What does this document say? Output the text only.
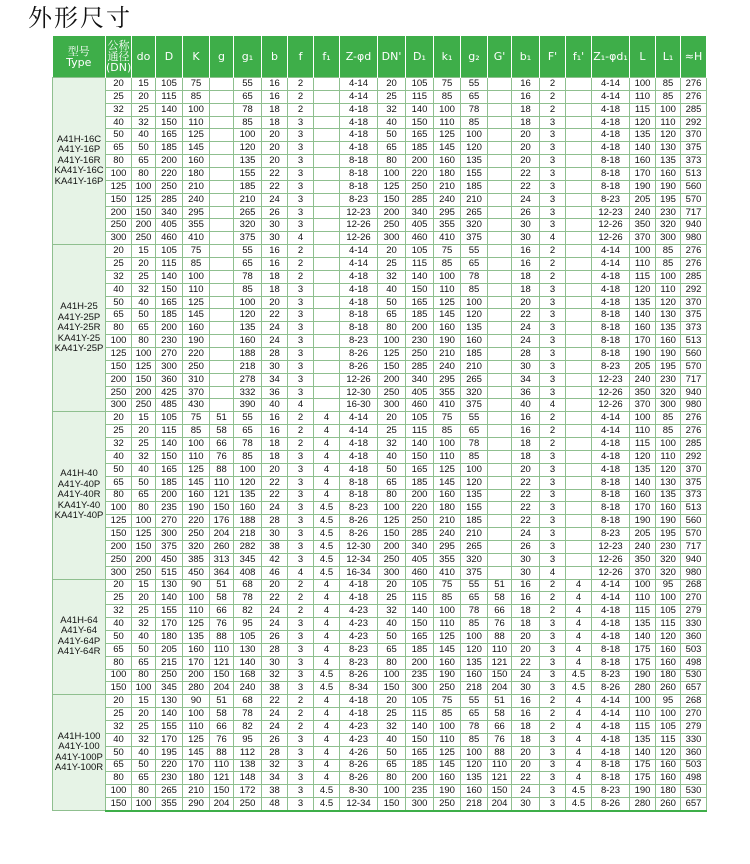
外形尺寸
型号
Type	公称
通径
(DN)	do	D	K	g	g₁	b	f	f₁	Z-φd	DN'	D₁	k₁	g₂	G'	b₁	F'	f₁'	Z₁-φd₁	L	L₁	≈H

A41H-16C
A41Y-16P
A41Y-16R
KA41Y-16C
KA41Y-16P	20	15	105	75		55	16	2		4-14	20	105	75	55		16	2		4-14	100	85	276
	25	20	115	85		65	16	2		4-14	25	115	85	65		16	2		4-14	110	85	276
	32	25	140	100		78	18	2		4-18	32	140	100	78		18	2		4-18	115	100	285
	40	32	150	110		85	18	3		4-18	40	150	110	85		18	3		4-18	120	110	292
	50	40	165	125		100	20	3		4-18	50	165	125	100		20	3		4-18	135	120	370
	65	50	185	145		120	20	3		4-18	65	185	145	120		20	3		4-18	140	130	375
	80	65	200	160		135	20	3		8-18	80	200	160	135		20	3		8-18	160	135	373
	100	80	220	180		155	22	3		8-18	100	220	180	155		22	3		8-18	170	160	513
	125	100	250	210		185	22	3		8-18	125	250	210	185		22	3		8-18	190	190	560
	150	125	285	240		210	24	3		8-23	150	285	240	210		24	3		8-23	205	195	570
	200	150	340	295		265	26	3		12-23	200	340	295	265		26	3		12-23	240	230	717
	250	200	405	355		320	30	3		12-26	250	405	355	320		30	3		12-26	350	320	940
	300	250	460	410		375	30	4		12-26	300	460	410	375		30	4		12-26	370	300	980

A41H-25
A41Y-25P
A41Y-25R
KA41Y-25
KA41Y-25P	20	15	105	75		55	16	2		4-14	20	105	75	55		16	2		4-14	100	85	276
	25	20	115	85		65	16	2		4-14	25	115	85	65		16	2		4-14	110	85	276
	32	25	140	100		78	18	2		4-18	32	140	100	78		18	2		4-18	115	100	285
	40	32	150	110		85	18	3		4-18	40	150	110	85		18	3		4-18	120	110	292
	50	40	165	125		100	20	3		4-18	50	165	125	100		20	3		4-18	135	120	370
	65	50	185	145		120	22	3		8-18	65	185	145	120		22	3		8-18	140	130	375
	80	65	200	160		135	24	3		8-18	80	200	160	135		24	3		8-18	160	135	373
	100	80	230	190		160	24	3		8-23	100	230	190	160		24	3		8-18	170	160	513
	125	100	270	220		188	28	3		8-26	125	250	210	185		28	3		8-18	190	190	560
	150	125	300	250		218	30	3		8-26	150	285	240	210		30	3		8-23	205	195	570
	200	150	360	310		278	34	3		12-26	200	340	295	265		34	3		12-23	240	230	717
	250	200	425	370		332	36	3		12-30	250	405	355	320		36	3		12-26	350	320	940
	300	250	485	430		390	40	4		16-30	300	460	410	375		40	4		12-26	370	300	980

A41H-40
A41Y-40P
A41Y-40R
KA41Y-40
KA41Y-40P	20	15	105	75	51	55	16	2	4	4-14	20	105	75	55		16	2		4-14	100	85	276
	25	20	115	85	58	65	16	2	4	4-14	25	115	85	65		16	2		4-14	110	85	276
	32	25	140	100	66	78	18	2	4	4-18	32	140	100	78		18	2		4-18	115	100	285
	40	32	150	110	76	85	18	3	4	4-18	40	150	110	85		18	3		4-18	120	110	292
	50	40	165	125	88	100	20	3	4	4-18	50	165	125	100		20	3		4-18	135	120	370
	65	50	185	145	110	120	22	3	4	8-18	65	185	145	120		22	3		8-18	140	130	375
	80	65	200	160	121	135	22	3	4	8-18	80	200	160	135		22	3		8-18	160	135	373
	100	80	235	190	150	160	24	3	4.5	8-23	100	220	180	155		22	3		8-18	170	160	513
	125	100	270	220	176	188	28	3	4.5	8-26	125	250	210	185		22	3		8-18	190	190	560
	150	125	300	250	204	218	30	3	4.5	8-26	150	285	240	210		24	3		8-23	205	195	570
	200	150	375	320	260	282	38	3	4.5	12-30	200	340	295	265		26	3		12-23	240	230	717
	250	200	450	385	313	345	42	3	4.5	12-34	250	405	355	320		30	3		12-26	350	320	940
	300	250	515	450	364	408	46	4	4.5	16-34	300	460	410	375		30	4		12-26	370	320	980

A41H-64
A41Y-64
A41Y-64P
A41Y-64R	20	15	130	90	51	68	20	2	4	4-18	20	105	75	55	51	16	2	4	4-14	100	95	268
	25	20	140	100	58	78	22	2	4	4-18	25	115	85	65	58	16	2	4	4-14	110	100	270
	32	25	155	110	66	82	24	2	4	4-23	32	140	100	78	66	18	2	4	4-18	115	105	279
	40	32	170	125	76	95	24	3	4	4-23	40	150	110	85	76	18	3	4	4-18	135	115	330
	50	40	180	135	88	105	26	3	4	4-23	50	165	125	100	88	20	3	4	4-18	140	120	360
	65	50	205	160	110	130	28	3	4	8-23	65	185	145	120	110	20	3	4	8-18	175	160	503
	80	65	215	170	121	140	30	3	4	8-23	80	200	160	135	121	22	3	4	8-18	175	160	498
	100	80	250	200	150	168	32	3	4.5	8-26	100	235	190	160	150	24	3	4.5	8-23	190	180	530
	150	100	345	280	204	240	38	3	4.5	8-34	150	300	250	218	204	30	3	4.5	8-26	280	260	657

A41H-100
A41Y-100
A41Y-100P
A41Y-100R	20	15	130	90	51	68	22	2	4	4-18	20	105	75	55	51	16	2	4	4-14	100	95	268
	25	20	140	100	58	78	24	2	4	4-18	25	115	85	65	58	16	2	4	4-14	110	100	270
	32	25	155	110	66	82	24	2	4	4-23	32	140	100	78	66	18	2	4	4-18	115	105	279
	40	32	170	125	76	95	26	3	4	4-23	40	150	110	85	76	18	3	4	4-18	135	115	330
	50	40	195	145	88	112	28	3	4	4-26	50	165	125	100	88	20	3	4	4-18	140	120	360
	65	50	220	170	110	138	32	3	4	8-26	65	185	145	120	110	20	3	4	8-18	175	160	503
	80	65	230	180	121	148	34	3	4	8-26	80	200	160	135	121	22	3	4	8-18	175	160	498
	100	80	265	210	150	172	38	3	4.5	8-30	100	235	190	160	150	24	3	4.5	8-23	190	180	530
	150	100	355	290	204	250	48	3	4.5	12-34	150	300	250	218	204	30	3	4.5	8-26	280	260	657
